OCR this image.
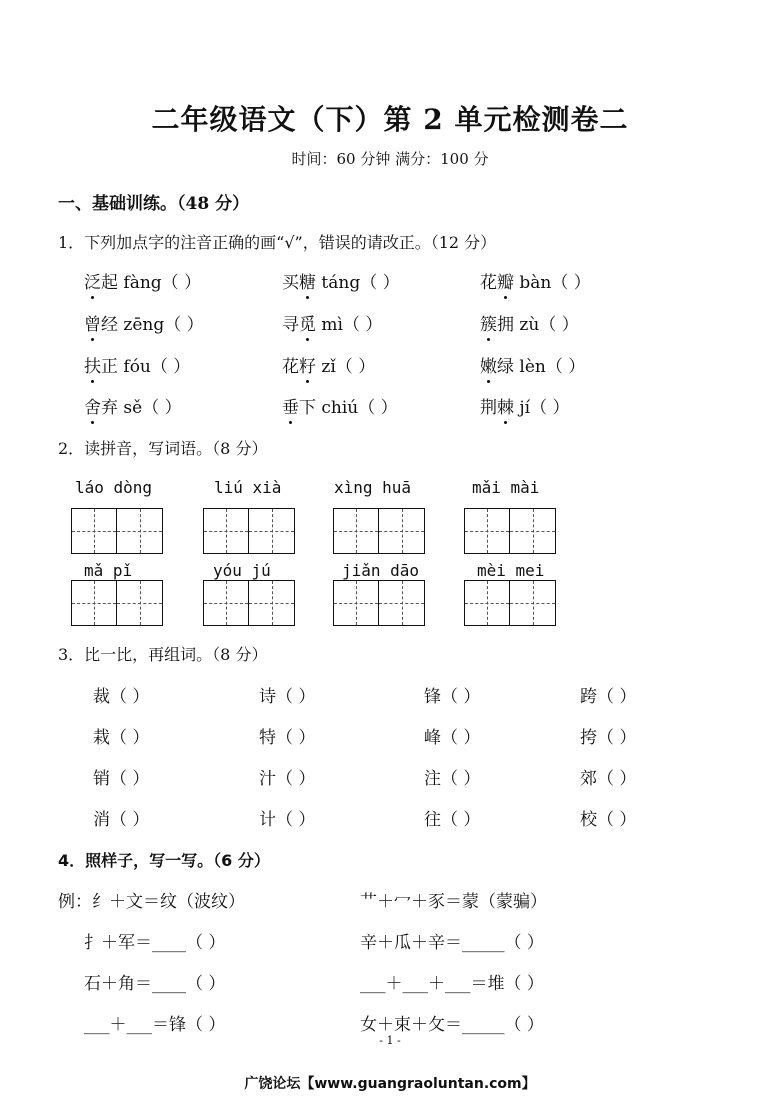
二年级语文（下）第 2 单元检测卷二
时间：60 分钟 满分：100 分
一、基础训练。（48 分）
1．下列加点字的注音正确的画“√”，错误的请改正。（12 分）
泛起 fàng（ ）	买糖 táng（ ）	花瓣 bàn（ ）
曾经 zēng（ ）	寻觅 mì（ ）	簇拥 zù（ ）
扶正 fóu（ ）	花籽 zǐ（ ）	嫩绿 lèn（ ）
舍弃 sě（ ）	垂下 chiú（ ）	荆棘 jí（ ）
2．读拼音，写词语。（8 分）
láo dòng	liú xià	xìng huā	mǎi mài
mǎ pǐ	yóu jú	jiǎn dāo	mèi mei
3．比一比，再组词。（8 分）
裁（ ）	诗（ ）	锋（ ）	跨（ ）
栽（ ）	特（ ）	峰（ ）	挎（ ）
销（ ）	汁（ ）	注（ ）	郊（ ）
消（ ）	计（ ）	往（ ）	校（ ）
4．照样子，写一写。（6 分）
例：纟＋文＝纹（波纹）	艹＋冖＋豕＝蒙（蒙骗）
扌＋军＝____（ ）	辛＋瓜＋辛＝_____（ ）
石＋角＝____（ ）	___＋___＋___＝堆（ ）
___＋___＝锋（ ）	女＋束＋攵＝_____（ ）
- 1 -
广饶论坛【www.guangraoluntan.com】
